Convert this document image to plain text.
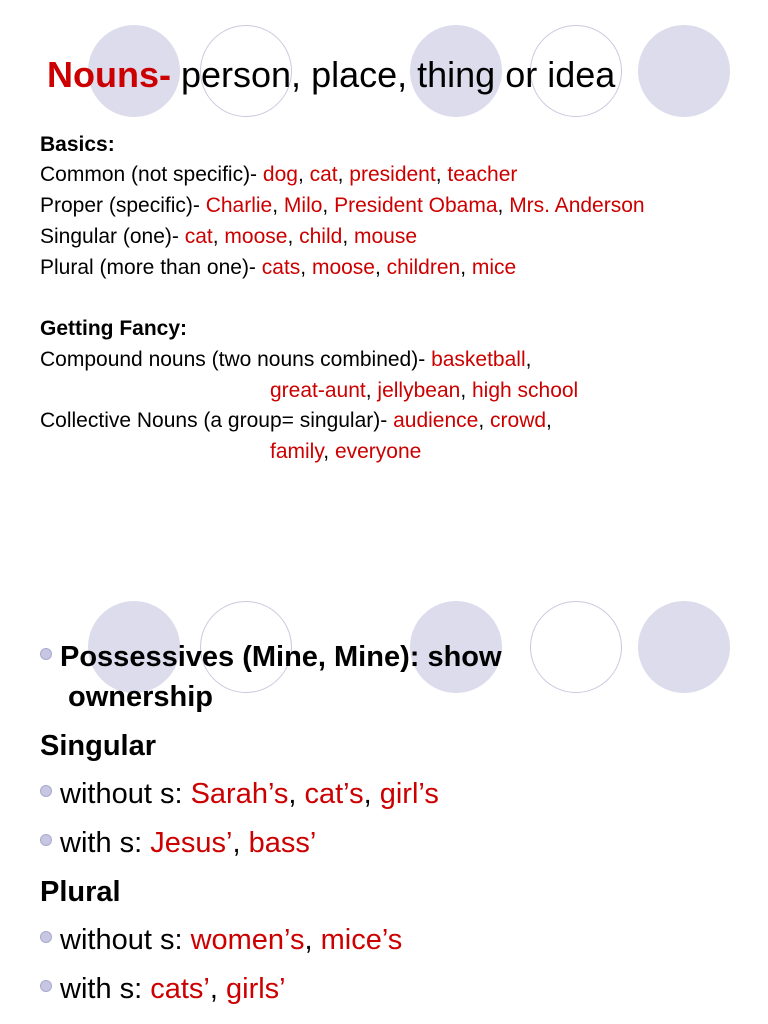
Nouns- person, place, thing or idea
Basics:
Common (not specific)- dog, cat, president, teacher
Proper (specific)- Charlie, Milo, President Obama, Mrs. Anderson
Singular (one)- cat, moose, child, mouse
Plural (more than one)- cats, moose, children, mice
Getting Fancy:
Compound nouns (two nouns combined)- basketball,
great-aunt, jellybean, high school
Collective Nouns (a group= singular)- audience, crowd,
family, everyone
Possessives (Mine, Mine): show
ownership
Singular
without s: Sarah’s, cat’s, girl’s
with s: Jesus’, bass’
Plural
without s: women’s, mice’s
with s: cats’, girls’
